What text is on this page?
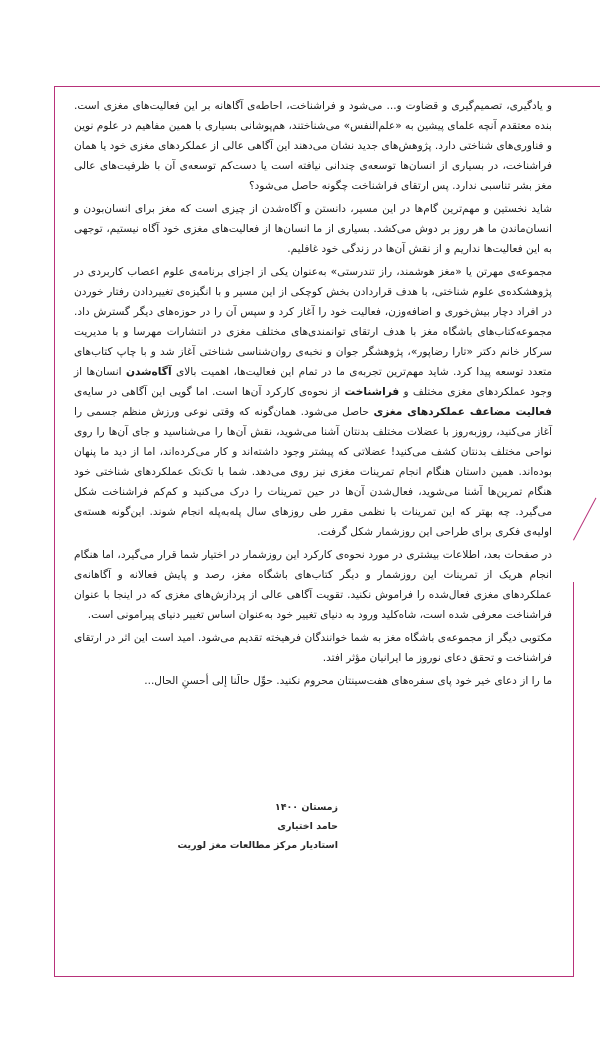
و یادگیری، تصمیم‌گیری و قضاوت و... می‌شود و فراشناخت، احاطه‌ی آگاهانه بر این فعالیت‌های مغزی است. بنده معتقدم آنچه علمای پیشین به «علم‌النفس» می‌شناختند، هم‌پوشانی بسیاری با همین مفاهیم در علوم نوین و فناوری‌های شناختی دارد. پژوهش‌های جدید نشان می‌دهند این آگاهی عالی از عملکردهای مغزی خود یا همان فراشناخت، در بسیاری از انسان‌ها توسعه‌ی چندانی نیافته است یا دست‌کم توسعه‌ی آن با ظرفیت‌های عالی مغز بشر تناسبی ندارد. پس ارتقای فراشناخت چگونه حاصل می‌شود؟

شاید نخستین و مهم‌ترین گام‌ها در این مسیر، دانستن و آگاه‌شدن از چیزی است که مغز برای انسان‌بودن و انسان‌ماندن ما هر روز بر دوش می‌کشد. بسیاری از ما انسان‌ها از فعالیت‌های مغزی خود آگاه نیستیم، توجهی به این فعالیت‌ها نداریم و از نقش آن‌ها در زندگی خود غافلیم.

مجموعه‌ی مهرتن یا «مغز هوشمند، راز تندرستی» به‌عنوان یکی از اجزای برنامه‌ی علوم اعصاب کاربردی در پژوهشکده‌ی علوم شناختی، با هدف قراردادن بخش کوچکی از این مسیر و با انگیزه‌ی تغییردادن رفتار خوردن در افراد دچار بیش‌خوری و اضافه‌وزن، فعالیت خود را آغاز کرد و سپس آن را در حوزه‌های دیگر گسترش داد. مجموعه‌کتاب‌های باشگاه مغز با هدف ارتقای توانمندی‌های مختلف مغزی در انتشارات مهرسا و با مدیریت سرکار خانم دکتر «تارا رضاپور»، پژوهشگر جوان و نخبه‌ی روان‌شناسی شناختی آغاز شد و با چاپ کتاب‌های متعدد توسعه پیدا کرد. شاید مهم‌ترین تجربه‌ی ما در تمام این فعالیت‌ها، اهمیت بالای آگاه‌شدن انسان‌ها از وجود عملکردهای مغزی مختلف و فراشناخت از نحوه‌ی کارکرد آن‌ها است. اما گویی این آگاهی در سایه‌ی فعالیت مضاعف عملکردهای مغزی حاصل می‌شود. همان‌گونه که وقتی نوعی ورزش منظم جسمی را آغاز می‌کنید، روزبه‌روز با عضلات مختلف بدنتان آشنا می‌شوید، نقش آن‌ها را می‌شناسید و جای آن‌ها را روی نواحی مختلف بدنتان کشف می‌کنید! عضلاتی که پیشتر وجود داشته‌اند و کار می‌کرده‌اند، اما از دید ما پنهان بوده‌اند. همین داستان هنگام انجام تمرینات مغزی نیز روی می‌دهد. شما با تک‌تک عملکردهای شناختی خود هنگام تمرین‌ها آشنا می‌شوید، فعال‌شدن آن‌ها در حین تمرینات را درک می‌کنید و کم‌کم فراشناخت شکل می‌گیرد. چه بهتر که این تمرینات با نظمی مقرر طی روزهای سال پله‌به‌پله انجام شوند. این‌گونه هسته‌ی اولیه‌ی فکری برای طراحی این روزشمار شکل گرفت.

در صفحات بعد، اطلاعات بیشتری در مورد نحوه‌ی کارکرد این روزشمار در اختیار شما قرار می‌گیرد، اما هنگام انجام هریک از تمرینات این روزشمار و دیگر کتاب‌های باشگاه مغز، رصد و پایش فعالانه و آگاهانه‌ی عملکردهای مغزی فعال‌شده را فراموش نکنید. تقویت آگاهی عالی از پردازش‌های مغزی که در اینجا با عنوان فراشناخت معرفی شده است، شاه‌کلید ورود به دنیای تغییر خود به‌عنوان اساس تغییر دنیای پیرامونی است.

مکتوبی دیگر از مجموعه‌ی باشگاه مغز به شما خوانندگان فرهیخته تقدیم می‌شود. امید است این اثر در ارتقای فراشناخت و تحقق دعای نوروز ما ایرانیان مؤثر افتد.

ما را از دعای خیر خود پای سفره‌های هفت‌سینتان محروم نکنید. حوِّل حالَنا إلی أحسنِ الحال...

زمستان ۱۴۰۰
حامد اختیاری
استادیار مرکز مطالعات مغز لوریت
